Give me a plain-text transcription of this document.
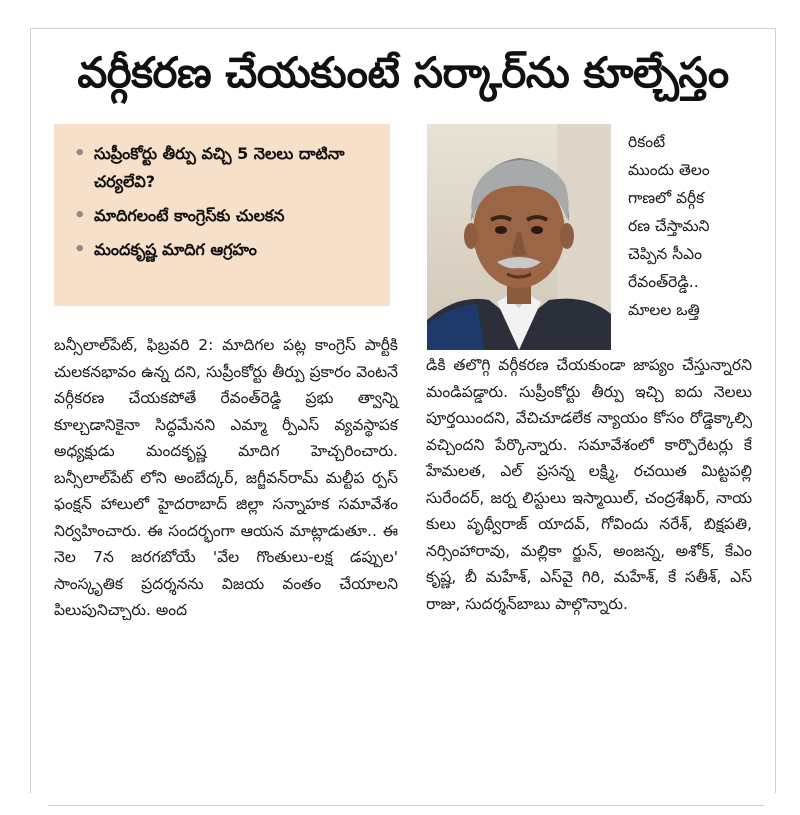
వర్గీకరణ చేయకుంటే సర్కార్‌ను కూల్చేస్తం
• సుప్రీంకోర్టు తీర్పు వచ్చి 5 నెలలు దాటినా చర్యలేవి?
• మాదిగలంటే కాంగ్రెస్‌కు చులకన
• మందకృష్ణ మాదిగ ఆగ్రహం

రికంటే
ముందు తెలం
గాణలో వర్గీక
రణ చేస్తామని
చెప్పిన సీఎం
రేవంత్‌రెడ్డి..
మాలల ఒత్తి

బన్సీలాల్‌పేట్, ఫిబ్రవరి 2: మాదిగల పట్ల కాంగ్రెస్ పార్టీకి చులకనభావం ఉన్న దని, సుప్రీంకోర్టు తీర్పు ప్రకారం వెంటనే వర్గీకరణ చేయకపోతే రేవంత్‌రెడ్డి ప్రభు త్వాన్ని కూల్చడానికైనా సిద్ధమేనని ఎమ్మా ర్పీఎస్ వ్యవస్థాపక అధ్యక్షుడు మందకృష్ణ మాదిగ హెచ్చరించారు. బన్సీలాల్‌పేట్ లోని అంబేద్కర్, జగ్జీవన్‌రామ్ మల్టీప ర్పస్ ఫంక్షన్ హాలులో హైదరాబాద్ జిల్లా సన్నాహక సమావేశం నిర్వహించారు. ఈ సందర్భంగా ఆయన మాట్లాడుతూ.. ఈ నెల 7న జరగబోయే 'వేల గొంతులు-లక్ష డప్పుల' సాంస్కృతిక ప్రదర్శనను విజయ వంతం చేయాలని పిలుపునిచ్చారు. అంద

డికి తలొగ్గి వర్గీకరణ చేయకుండా జాప్యం చేస్తున్నారని మండిపడ్డారు. సుప్రీంకోర్టు తీర్పు ఇచ్చి ఐదు నెలలు పూర్తయిందని, వేచిచూడలేక న్యాయం కోసం రోడ్డెక్కాల్సి వచ్చిందని పేర్కొన్నారు. సమావేశంలో కార్పొరేటర్లు కే హేమలత, ఎల్ ప్రసన్న లక్ష్మి, రచయిత మిట్టపల్లి సురేందర్, జర్న లిస్టులు ఇస్మాయిల్, చంద్రశేఖర్, నాయ కులు పృథ్వీరాజ్ యాదవ్, గోవిందు నరేశ్, బిక్షపతి, నర్సింహారావు, మల్లికా ర్జున్, అంజన్న, అశోక్, కేఎం కృష్ణ, బీ మహేశ్, ఎస్‌వై గిరి, మహేశ్, కే సతీశ్, ఎస్ రాజు, సుదర్శన్‌బాబు పాల్గొన్నారు.
